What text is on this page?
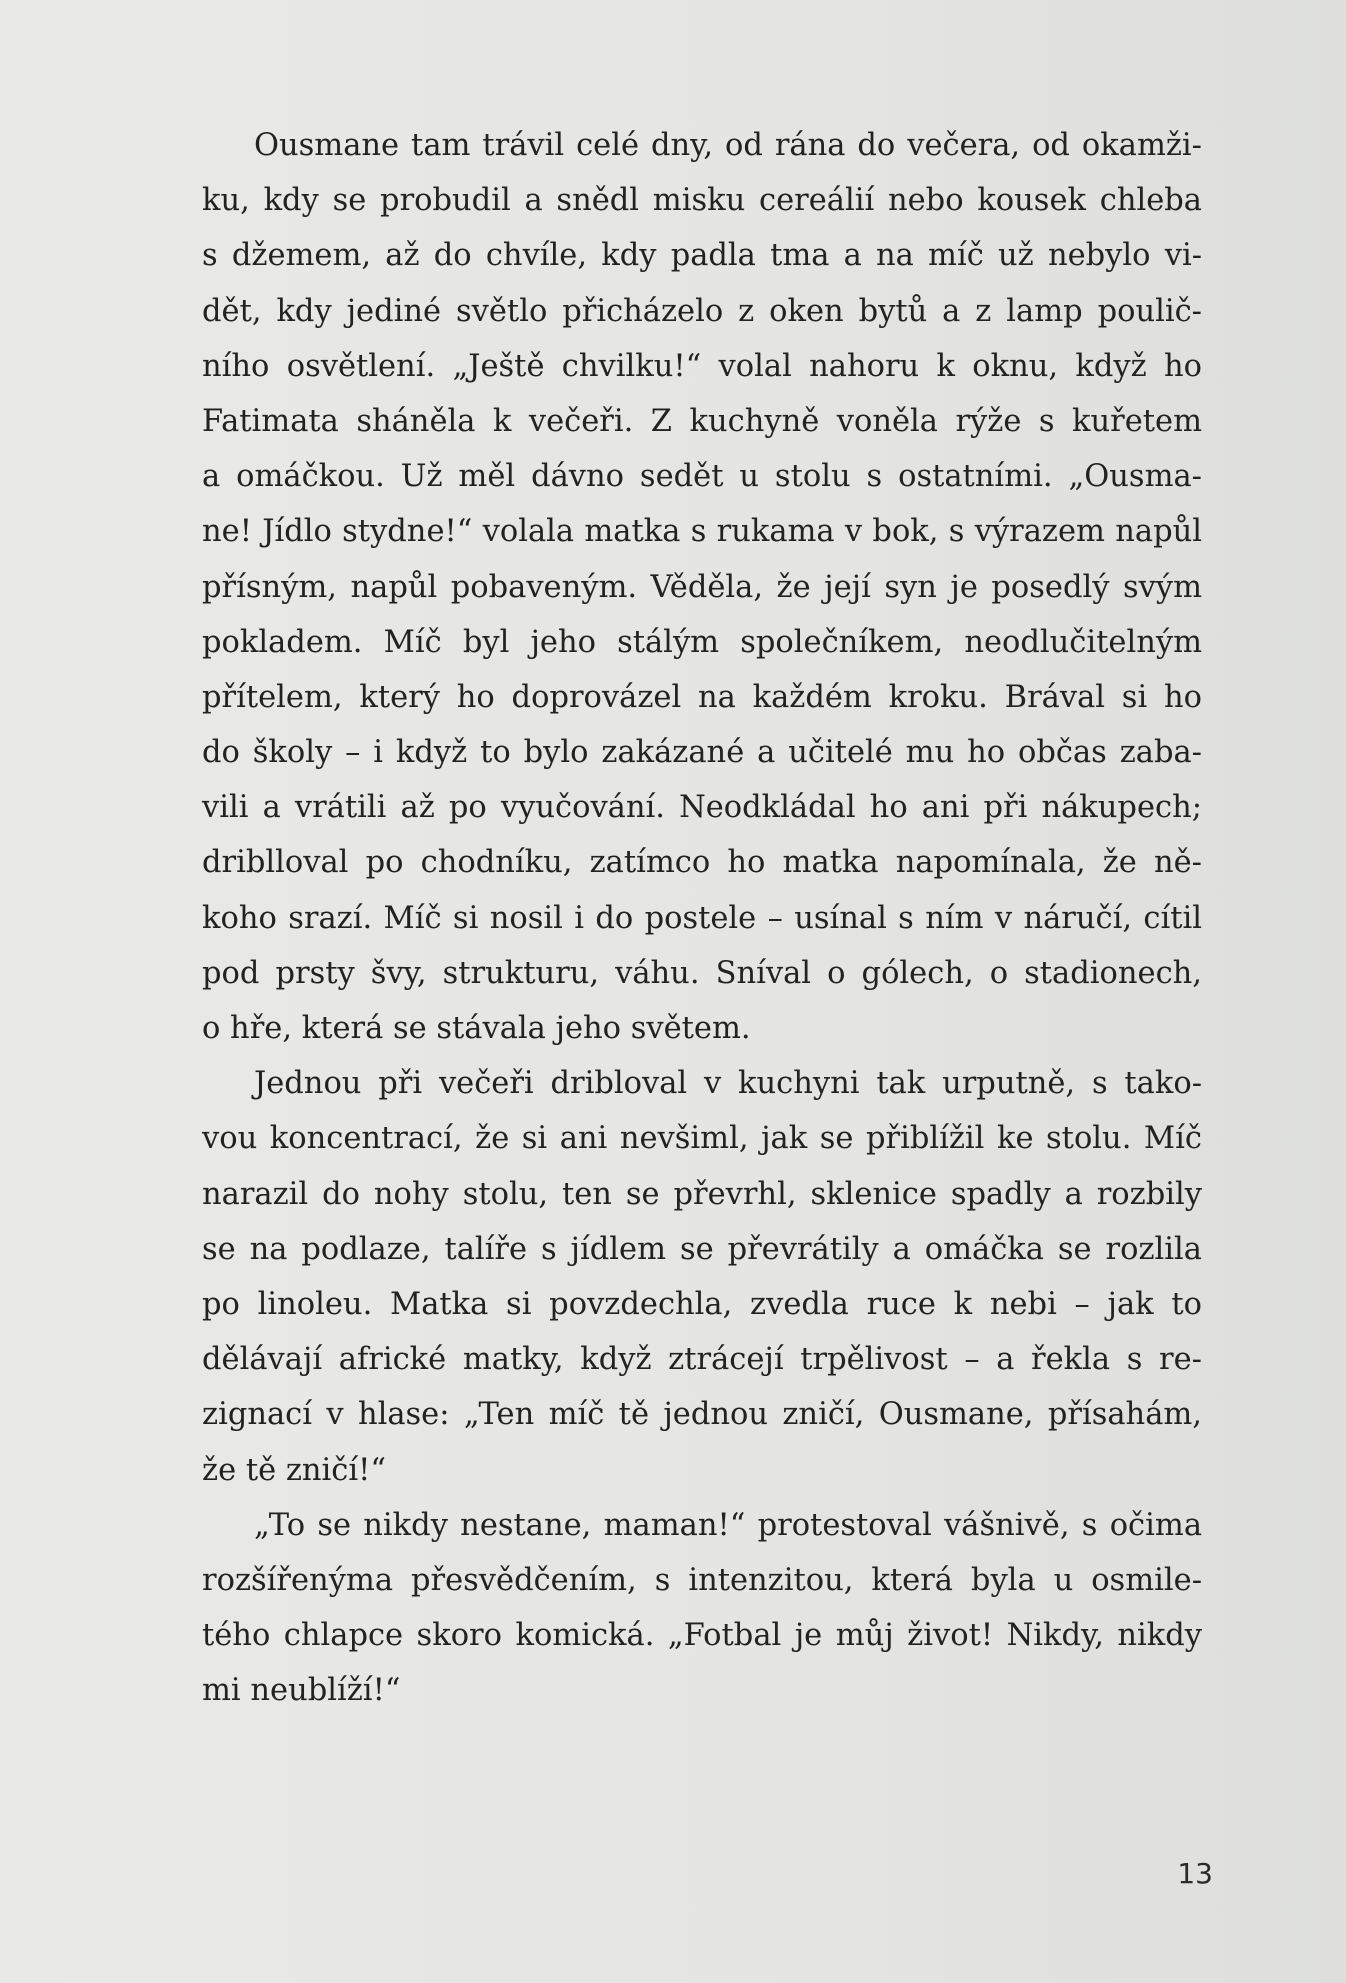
Ousmane tam trávil celé dny, od rána do večera, od okamži-
ku, kdy se probudil a snědl misku cereálií nebo kousek chleba
s džemem, až do chvíle, kdy padla tma a na míč už nebylo vi-
dět, kdy jediné světlo přicházelo z oken bytů a z lamp poulič-
ního osvětlení. „Ještě chvilku!“ volal nahoru k oknu, když ho
Fatimata sháněla k večeři. Z kuchyně voněla rýže s kuřetem
a omáčkou. Už měl dávno sedět u stolu s ostatními. „Ousma-
ne! Jídlo stydne!“ volala matka s rukama v bok, s výrazem napůl
přísným, napůl pobaveným. Věděla, že její syn je posedlý svým
pokladem. Míč byl jeho stálým společníkem, neodlučitelným
přítelem, který ho doprovázel na každém kroku. Brával si ho
do školy – i když to bylo zakázané a učitelé mu ho občas zaba-
vili a vrátili až po vyučování. Neodkládal ho ani při nákupech;
driblloval po chodníku, zatímco ho matka napomínala, že ně-
koho srazí. Míč si nosil i do postele – usínal s ním v náručí, cítil
pod prsty švy, strukturu, váhu. Sníval o gólech, o stadionech,
o hře, která se stávala jeho světem.
Jednou při večeři dribloval v kuchyni tak urputně, s tako-
vou koncentrací, že si ani nevšiml, jak se přiblížil ke stolu. Míč
narazil do nohy stolu, ten se převrhl, sklenice spadly a rozbily
se na podlaze, talíře s jídlem se převrátily a omáčka se rozlila
po linoleu. Matka si povzdechla, zvedla ruce k nebi – jak to
dělávají africké matky, když ztrácejí trpělivost – a řekla s re-
zignací v hlase: „Ten míč tě jednou zničí, Ousmane, přísahám,
že tě zničí!“
„To se nikdy nestane, maman!“ protestoval vášnivě, s očima
rozšířenýma přesvědčením, s intenzitou, která byla u osmile-
tého chlapce skoro komická. „Fotbal je můj život! Nikdy, nikdy
mi neublíží!“
13
